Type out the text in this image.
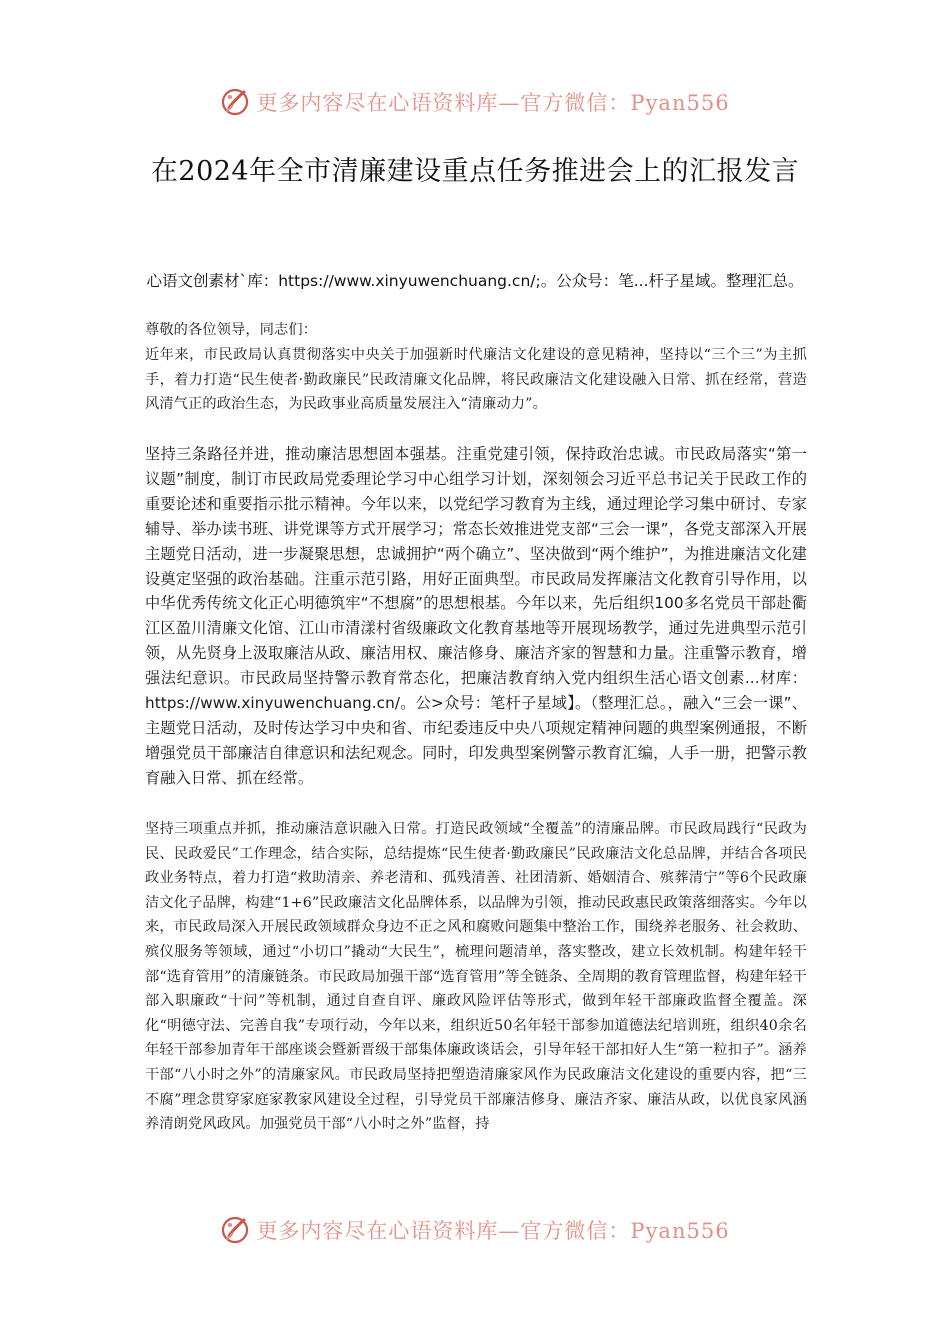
更多内容尽在心语资料库—官方微信：Pyan556
在2024年全市清廉建设重点任务推进会上的汇报发言
心语文创素材`库：https://www.xinyuwenchuang.cn/;。公众号：笔...杆子星域。整理汇总。

尊敬的各位领导，同志们：

近年来，市民政局认真贯彻落实中央关于加强新时代廉洁文化建设的意见精神，坚持以“三个三”为主抓手，着力打造“民生使者·勤政廉民”民政清廉文化品牌，将民政廉洁文化建设融入日常、抓在经常，营造风清气正的政治生态，为民政事业高质量发展注入“清廉动力”。

坚持三条路径并进，推动廉洁思想固本强基。注重党建引领，保持政治忠诚。市民政局落实“第一议题”制度，制订市民政局党委理论学习中心组学习计划，深刻领会习近平总书记关于民政工作的重要论述和重要指示批示精神。今年以来，以党纪学习教育为主线，通过理论学习集中研讨、专家辅导、举办读书班、讲党课等方式开展学习；常态长效推进党支部“三会一课”，各党支部深入开展主题党日活动，进一步凝聚思想，忠诚拥护“两个确立”、坚决做到“两个维护”，为推进廉洁文化建设奠定坚强的政治基础。注重示范引路，用好正面典型。市民政局发挥廉洁文化教育引导作用，以中华优秀传统文化正心明德筑牢“不想腐”的思想根基。今年以来，先后组织100多名党员干部赴衢江区盈川清廉文化馆、江山市清漾村省级廉政文化教育基地等开展现场教学，通过先进典型示范引领，从先贤身上汲取廉洁从政、廉洁用权、廉洁修身、廉洁齐家的智慧和力量。注重警示教育，增强法纪意识。市民政局坚持警示教育常态化，把廉洁教育纳入党内组织生活心语文创素...材库：https://www.xinyuwenchuang.cn/。公>众号：笔杆子星域】。（整理汇总。，融入“三会一课”、主题党日活动，及时传达学习中央和省、市纪委违反中央八项规定精神问题的典型案例通报，不断增强党员干部廉洁自律意识和法纪观念。同时，印发典型案例警示教育汇编，人手一册，把警示教育融入日常、抓在经常。

坚持三项重点并抓，推动廉洁意识融入日常。打造民政领域“全覆盖”的清廉品牌。市民政局践行“民政为民、民政爱民”工作理念，结合实际，总结提炼“民生使者·勤政廉民”民政廉洁文化总品牌，并结合各项民政业务特点，着力打造“救助清亲、养老清和、孤残清善、社团清新、婚姻清合、殡葬清宁”等6个民政廉洁文化子品牌，构建“1+6”民政廉洁文化品牌体系，以品牌为引领，推动民政惠民政策落细落实。今年以来，市民政局深入开展民政领域群众身边不正之风和腐败问题集中整治工作，围绕养老服务、社会救助、殡仪服务等领域，通过“小切口”撬动“大民生”，梳理问题清单，落实整改，建立长效机制。构建年轻干部“选育管用”的清廉链条。市民政局加强干部“选育管用”等全链条、全周期的教育管理监督，构建年轻干部入职廉政“十问”等机制，通过自查自评、廉政风险评估等形式，做到年轻干部廉政监督全覆盖。深化“明德守法、完善自我”专项行动，今年以来，组织近50名年轻干部参加道德法纪培训班，组织40余名年轻干部参加青年干部座谈会暨新晋级干部集体廉政谈话会，引导年轻干部扣好人生“第一粒扣子”。涵养干部“八小时之外”的清廉家风。市民政局坚持把塑造清廉家风作为民政廉洁文化建设的重要内容，把“三不腐”理念贯穿家庭家教家风建设全过程，引导党员干部廉洁修身、廉洁齐家、廉洁从政，以优良家风涵养清朗党风政风。加强党员干部“八小时之外”监督，持

更多内容尽在心语资料库—官方微信：Pyan556
